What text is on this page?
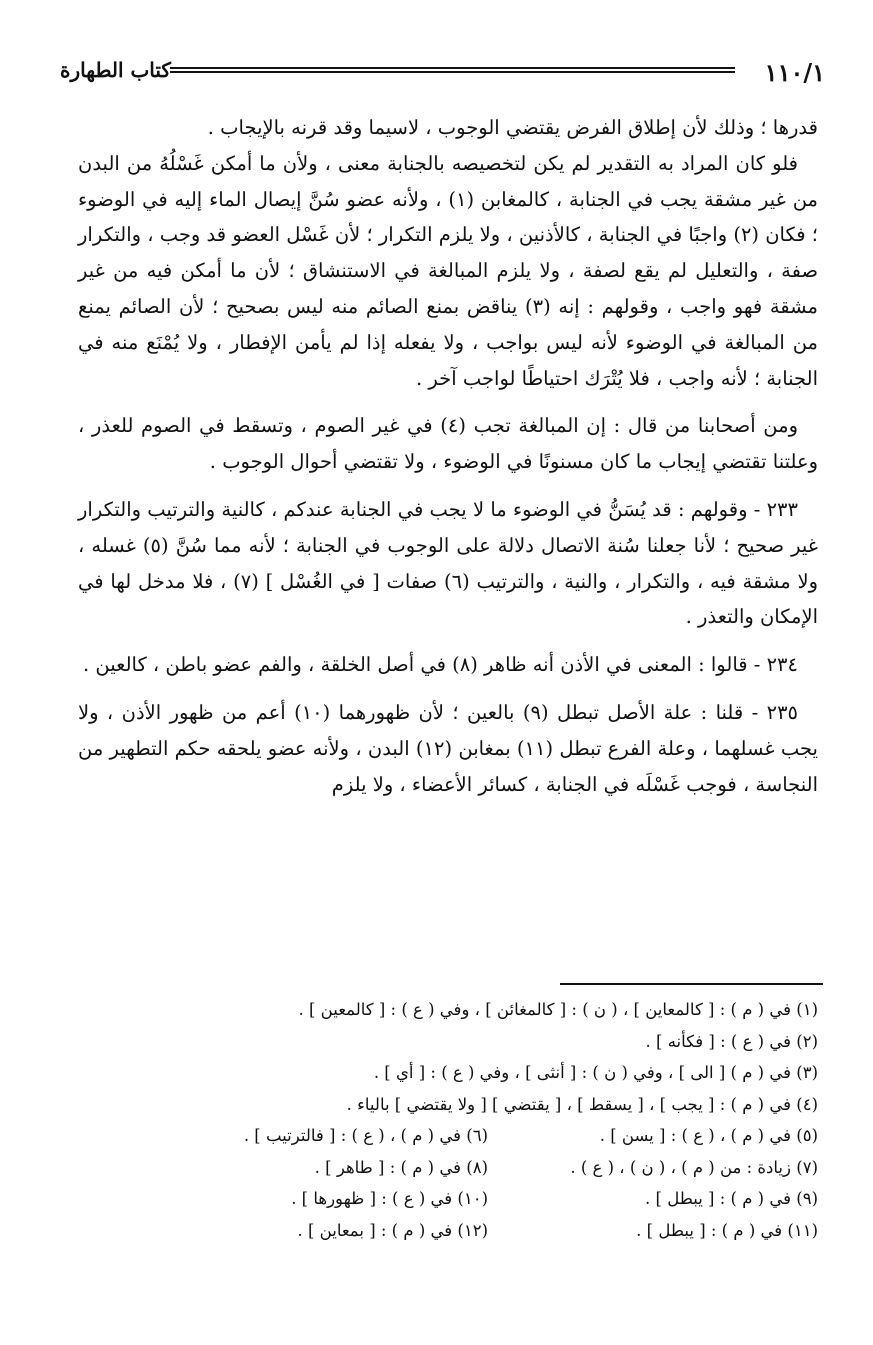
١١٠/١
كتاب الطهارة

قدرها ؛ وذلك لأن إطلاق الفرض يقتضي الوجوب ، لاسيما وقد قرنه بالإيجاب .

فلو كان المراد به التقدير لم يكن لتخصيصه بالجنابة معنى ، ولأن ما أمكن غَسْلُهُ من البدن من غير مشقة يجب في الجنابة ، كالمغابن (١) ، ولأنه عضو سُنَّ إيصال الماء إليه في الوضوء ؛ فكان (٢) واجبًا في الجنابة ، كالأذنين ، ولا يلزم التكرار ؛ لأن غَسْل العضو قد وجب ، والتكرار صفة ، والتعليل لم يقع لصفة ، ولا يلزم المبالغة في الاستنشاق ؛ لأن ما أمكن فيه من غير مشقة فهو واجب ، وقولهم : إنه (٣) يناقض بمنع الصائم منه ليس بصحيح ؛ لأن الصائم يمنع من المبالغة في الوضوء لأنه ليس بواجب ، ولا يفعله إذا لم يأمن الإفطار ، ولا يُمْنَع منه في الجنابة ؛ لأنه واجب ، فلا يُتْرَك احتياطًا لواجب آخر .

ومن أصحابنا من قال : إن المبالغة تجب (٤) في غير الصوم ، وتسقط في الصوم للعذر ، وعلتنا تقتضي إيجاب ما كان مسنونًا في الوضوء ، ولا تقتضي أحوال الوجوب .

٢٣٣ - وقولهم : قد يُسَنُّ في الوضوء ما لا يجب في الجنابة عندكم ، كالنية والترتيب والتكرار غير صحيح ؛ لأنا جعلنا سُنة الاتصال دلالة على الوجوب في الجنابة ؛ لأنه مما سُنَّ (٥) غسله ، ولا مشقة فيه ، والتكرار ، والنية ، والترتيب (٦) صفات [ في الغُسْل ] (٧) ، فلا مدخل لها في الإمكان والتعذر .

٢٣٤ - قالوا : المعنى في الأذن أنه ظاهر (٨) في أصل الخلقة ، والفم عضو باطن ، كالعين .

٢٣٥ - قلنا : علة الأصل تبطل (٩) بالعين ؛ لأن ظهورهما (١٠) أعم من ظهور الأذن ، ولا يجب غسلهما ، وعلة الفرع تبطل (١١) بمغابن (١٢) البدن ، ولأنه عضو يلحقه حكم التطهير من النجاسة ، فوجب غَسْلَه في الجنابة ، كسائر الأعضاء ، ولا يلزم

(١) في ( م ) : [ كالمعاين ] ، ( ن ) : [ كالمغائن ] ، وفي ( ع ) : [ كالمعين ] .
(٢) في ( ع ) : [ فكأنه ] .
(٣) في ( م ) [ الى ] ، وفي ( ن ) : [ أنثى ] ، وفي ( ع ) : [ أي ] .
(٤) في ( م ) : [ يجب ] ، [ يسقط ] ، [ يقتضي ] [ ولا يقتضي ] بالياء .
(٥) في ( م ) ، ( ع ) : [ يسن ] .
(٦) في ( م ) ، ( ع ) : [ فالترتيب ] .
(٧) زيادة : من ( م ) ، ( ن ) ، ( ع ) .
(٨) في ( م ) : [ طاهر ] .
(٩) في ( م ) : [ يبطل ] .
(١٠) في ( ع ) : [ ظهورها ] .
(١١) في ( م ) : [ يبطل ] .
(١٢) في ( م ) : [ بمعاين ] .
